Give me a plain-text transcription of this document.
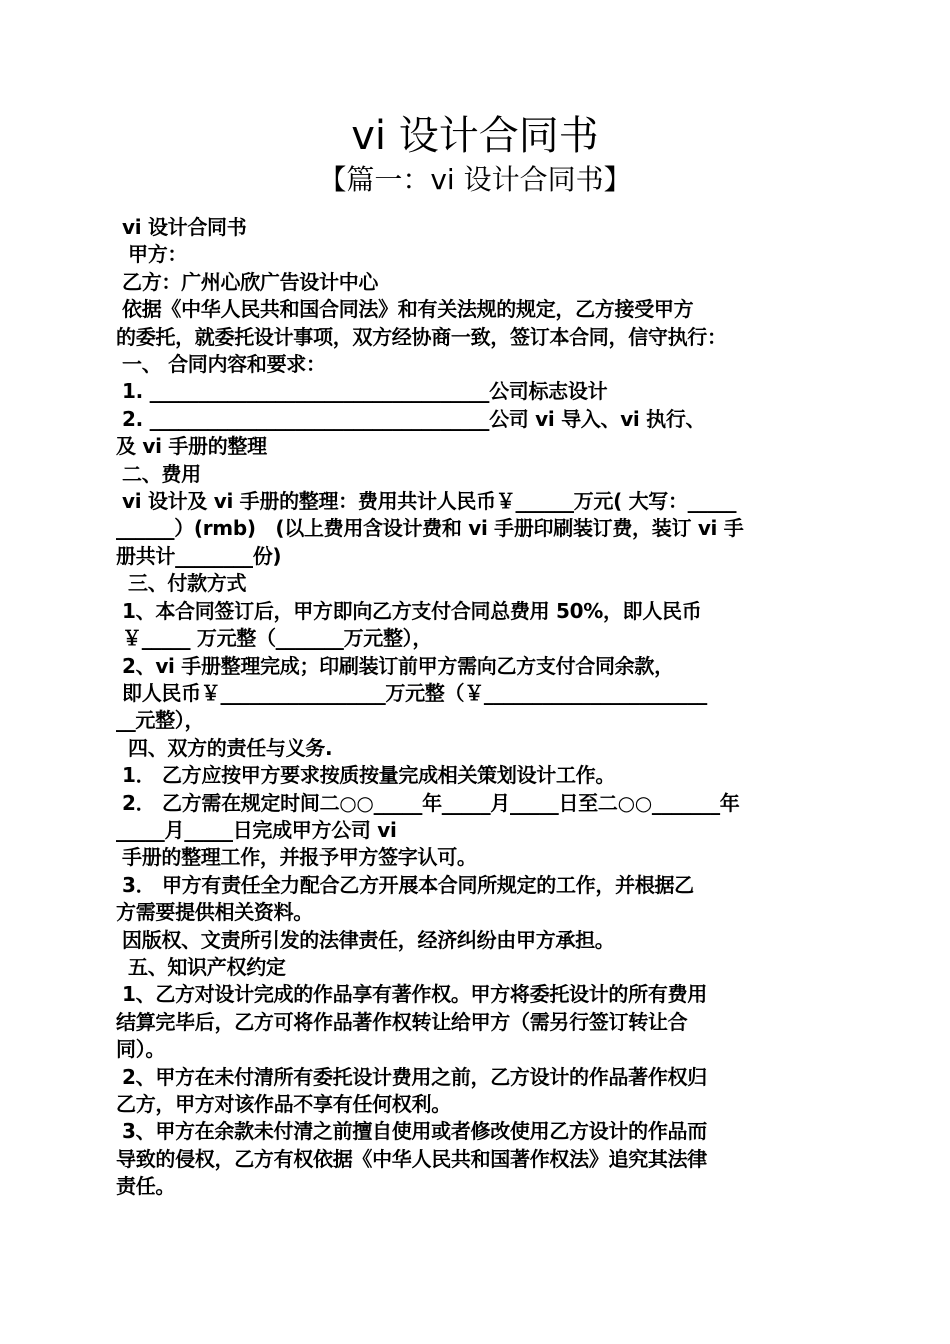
vi 设计合同书
【篇一：vi 设计合同书】

vi 设计合同书

甲方：

乙方：广州心欣广告设计中心

依据《中华人民共和国合同法》和有关法规的规定，乙方接受甲方

的委托，就委托设计事项，双方经协商一致，签订本合同，信守执行：

一、 合同内容和要求：

1. ___________________________________公司标志设计

2. ___________________________________公司 vi 导入、vi 执行、

及 vi 手册的整理

二、费用

vi 设计及 vi 手册的整理：费用共计人民币￥______万元( 大写：_____

______）(rmb)　(以上费用含设计费和 vi 手册印刷装订费，装订 vi 手

册共计________份)

三、付款方式

1、本合同签订后，甲方即向乙方支付合同总费用 50%，即人民币

￥_____ 万元整（_______万元整），

2、vi 手册整理完成；印刷装订前甲方需向乙方支付合同余款，

即人民币￥_________________万元整（￥_______________________

__元整），

四、双方的责任与义务.

1． 乙方应按甲方要求按质按量完成相关策划设计工作。

2． 乙方需在规定时间二○○_____年_____月_____日至二○○_______年

_____月_____日完成甲方公司 vi

手册的整理工作，并报予甲方签字认可。

3． 甲方有责任全力配合乙方开展本合同所规定的工作，并根据乙

方需要提供相关资料。

因版权、文责所引发的法律责任，经济纠纷由甲方承担。

五、知识产权约定

1、乙方对设计完成的作品享有著作权。甲方将委托设计的所有费用

结算完毕后，乙方可将作品著作权转让给甲方（需另行签订转让合

同）。

2、甲方在未付清所有委托设计费用之前，乙方设计的作品著作权归

乙方，甲方对该作品不享有任何权利。

3、甲方在余款未付清之前擅自使用或者修改使用乙方设计的作品而

导致的侵权，乙方有权依据《中华人民共和国著作权法》追究其法律

责任。
